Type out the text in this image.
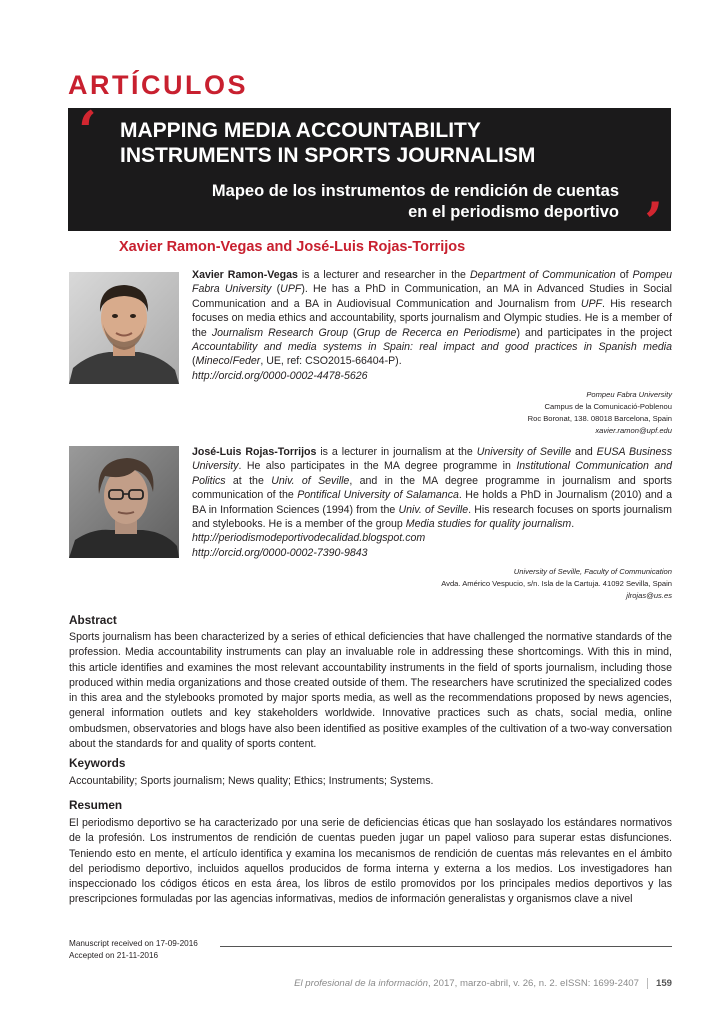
ARTÍCULOS
‘ MAPPING MEDIA ACCOUNTABILITY
INSTRUMENTS IN SPORTS JOURNALISM
Mapeo de los instrumentos de rendición de cuentas
en el periodismo deportivo ’

Xavier Ramon-Vegas and José-Luis Rojas-Torrijos

Xavier Ramon-Vegas is a lecturer and researcher in the Department of Communication of Pompeu Fabra University (UPF). He has a PhD in Communication, an MA in Advanced Studies in Social Communication and a BA in Audiovisual Communication and Journalism from UPF. His research focuses on media ethics and accountability, sports journalism and Olympic studies. He is a member of the Journalism Research Group (Grup de Recerca en Periodisme) and participates in the project Accountability and media systems in Spain: real impact and good practices in Spanish media (Mineco/Feder, UE, ref: CSO2015-66404-P).
http://orcid.org/0000-0002-4478-5626

Pompeu Fabra University
Campus de la Comunicació-Poblenou
Roc Boronat, 138. 08018 Barcelona, Spain
xavier.ramon@upf.edu

José-Luis Rojas-Torrijos is a lecturer in journalism at the University of Seville and EUSA Business University. He also participates in the MA degree programme in Institutional Communication and Politics at the Univ. of Seville, and in the MA degree programme in journalism and sports communication of the Pontifical University of Salamanca. He holds a PhD in Journalism (2010) and a BA in Information Sciences (1994) from the Univ. of Seville. His research focuses on sports journalism and stylebooks. He is a member of the group Media studies for quality journalism.
http://periodismodeportivodecalidad.blogspot.com
http://orcid.org/0000-0002-7390-9843

University of Seville, Faculty of Communication
Avda. Américo Vespucio, s/n. Isla de la Cartuja. 41092 Sevilla, Spain
jlrojas@us.es
Abstract

Sports journalism has been characterized by a series of ethical deficiencies that have challenged the normative standards of the profession. Media accountability instruments can play an invaluable role in addressing these shortcomings. With this in mind, this article identifies and examines the most relevant accountability instruments in the field of sports journalism, including those produced within media organizations and those created outside of them. The researchers have scrutinized the specialized codes in this area and the stylebooks promoted by major sports media, as well as the recommendations proposed by news agencies, general information outlets and key stakeholders worldwide. Innovative practices such as chats, social media, online ombudsmen, observatories and blogs have also been identified as positive examples of the cultivation of a two-way conversation about the standards for and quality of sports content.

Keywords

Accountability; Sports journalism; News quality; Ethics; Instruments; Systems.

Resumen

El periodismo deportivo se ha caracterizado por una serie de deficiencias éticas que han soslayado los estándares normativos de la profesión. Los instrumentos de rendición de cuentas pueden jugar un papel valioso para superar estas disfunciones. Teniendo esto en mente, el artículo identifica y examina los mecanismos de rendición de cuentas más relevantes en el ámbito del periodismo deportivo, incluidos aquellos producidos de forma interna y externa a los medios. Los investigadores han inspeccionado los códigos éticos en esta área, los libros de estilo promovidos por los principales medios deportivos y las prescripciones formuladas por las agencias informativas, medios de información generalistas y organismos clave a nivel

Manuscript received on 17-09-2016
Accepted on 21-11-2016
El profesional de la información, 2017, marzo-abril, v. 26, n. 2. eISSN: 1699-2407 159
